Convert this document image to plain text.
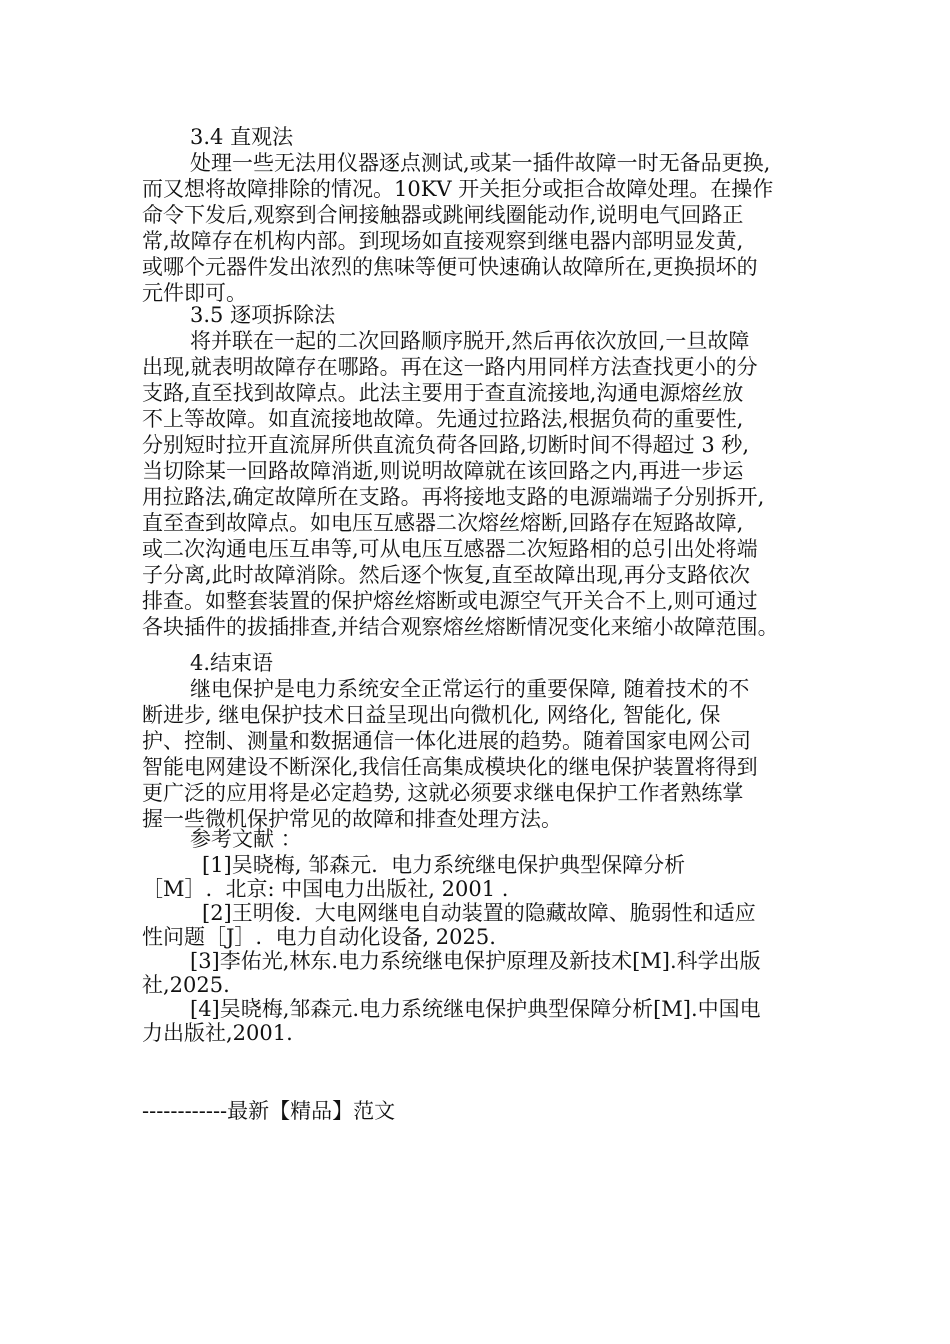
3.4 直观法
处理一些无法用仪器逐点测试,或某一插件故障一时无备品更换,
而又想将故障排除的情况。10KV 开关拒分或拒合故障处理。在操作
命令下发后,观察到合闸接触器或跳闸线圈能动作,说明电气回路正
常,故障存在机构内部。到现场如直接观察到继电器内部明显发黄,
或哪个元器件发出浓烈的焦味等便可快速确认故障所在,更换损坏的
元件即可。
3.5 逐项拆除法
将并联在一起的二次回路顺序脱开,然后再依次放回,一旦故障
出现,就表明故障存在哪路。再在这一路内用同样方法查找更小的分
支路,直至找到故障点。此法主要用于查直流接地,沟通电源熔丝放
不上等故障。如直流接地故障。先通过拉路法,根据负荷的重要性,
分别短时拉开直流屏所供直流负荷各回路,切断时间不得超过 3 秒,
当切除某一回路故障消逝,则说明故障就在该回路之内,再进一步运
用拉路法,确定故障所在支路。再将接地支路的电源端端子分别拆开,
直至查到故障点。如电压互感器二次熔丝熔断,回路存在短路故障,
或二次沟通电压互串等,可从电压互感器二次短路相的总引出处将端
子分离,此时故障消除。然后逐个恢复,直至故障出现,再分支路依次
排查。如整套装置的保护熔丝熔断或电源空气开关合不上,则可通过
各块插件的拔插排查,并结合观察熔丝熔断情况变化来缩小故障范围。
4.结束语
继电保护是电力系统安全正常运行的重要保障, 随着技术的不
断进步, 继电保护技术日益呈现出向微机化, 网络化, 智能化, 保
护、控制、测量和数据通信一体化进展的趋势。随着国家电网公司
智能电网建设不断深化,我信任高集成模块化的继电保护装置将得到
更广泛的应用将是必定趋势, 这就必须要求继电保护工作者熟练掌
握一些微机保护常见的故障和排查处理方法。
参考文献 ：
[1]吴晓梅, 邹森元.  电力系统继电保护典型保障分析
［M］.  北京: 中国电力出版社, 2001 .
[2]王明俊.  大电网继电自动装置的隐藏故障、脆弱性和适应
性问题［J］.  电力自动化设备, 2025.
[3]李佑光,林东.电力系统继电保护原理及新技术[M].科学出版
社,2025.
[4]吴晓梅,邹森元.电力系统继电保护典型保障分析[M].中国电
力出版社,2001.
------------最新【精品】范文
